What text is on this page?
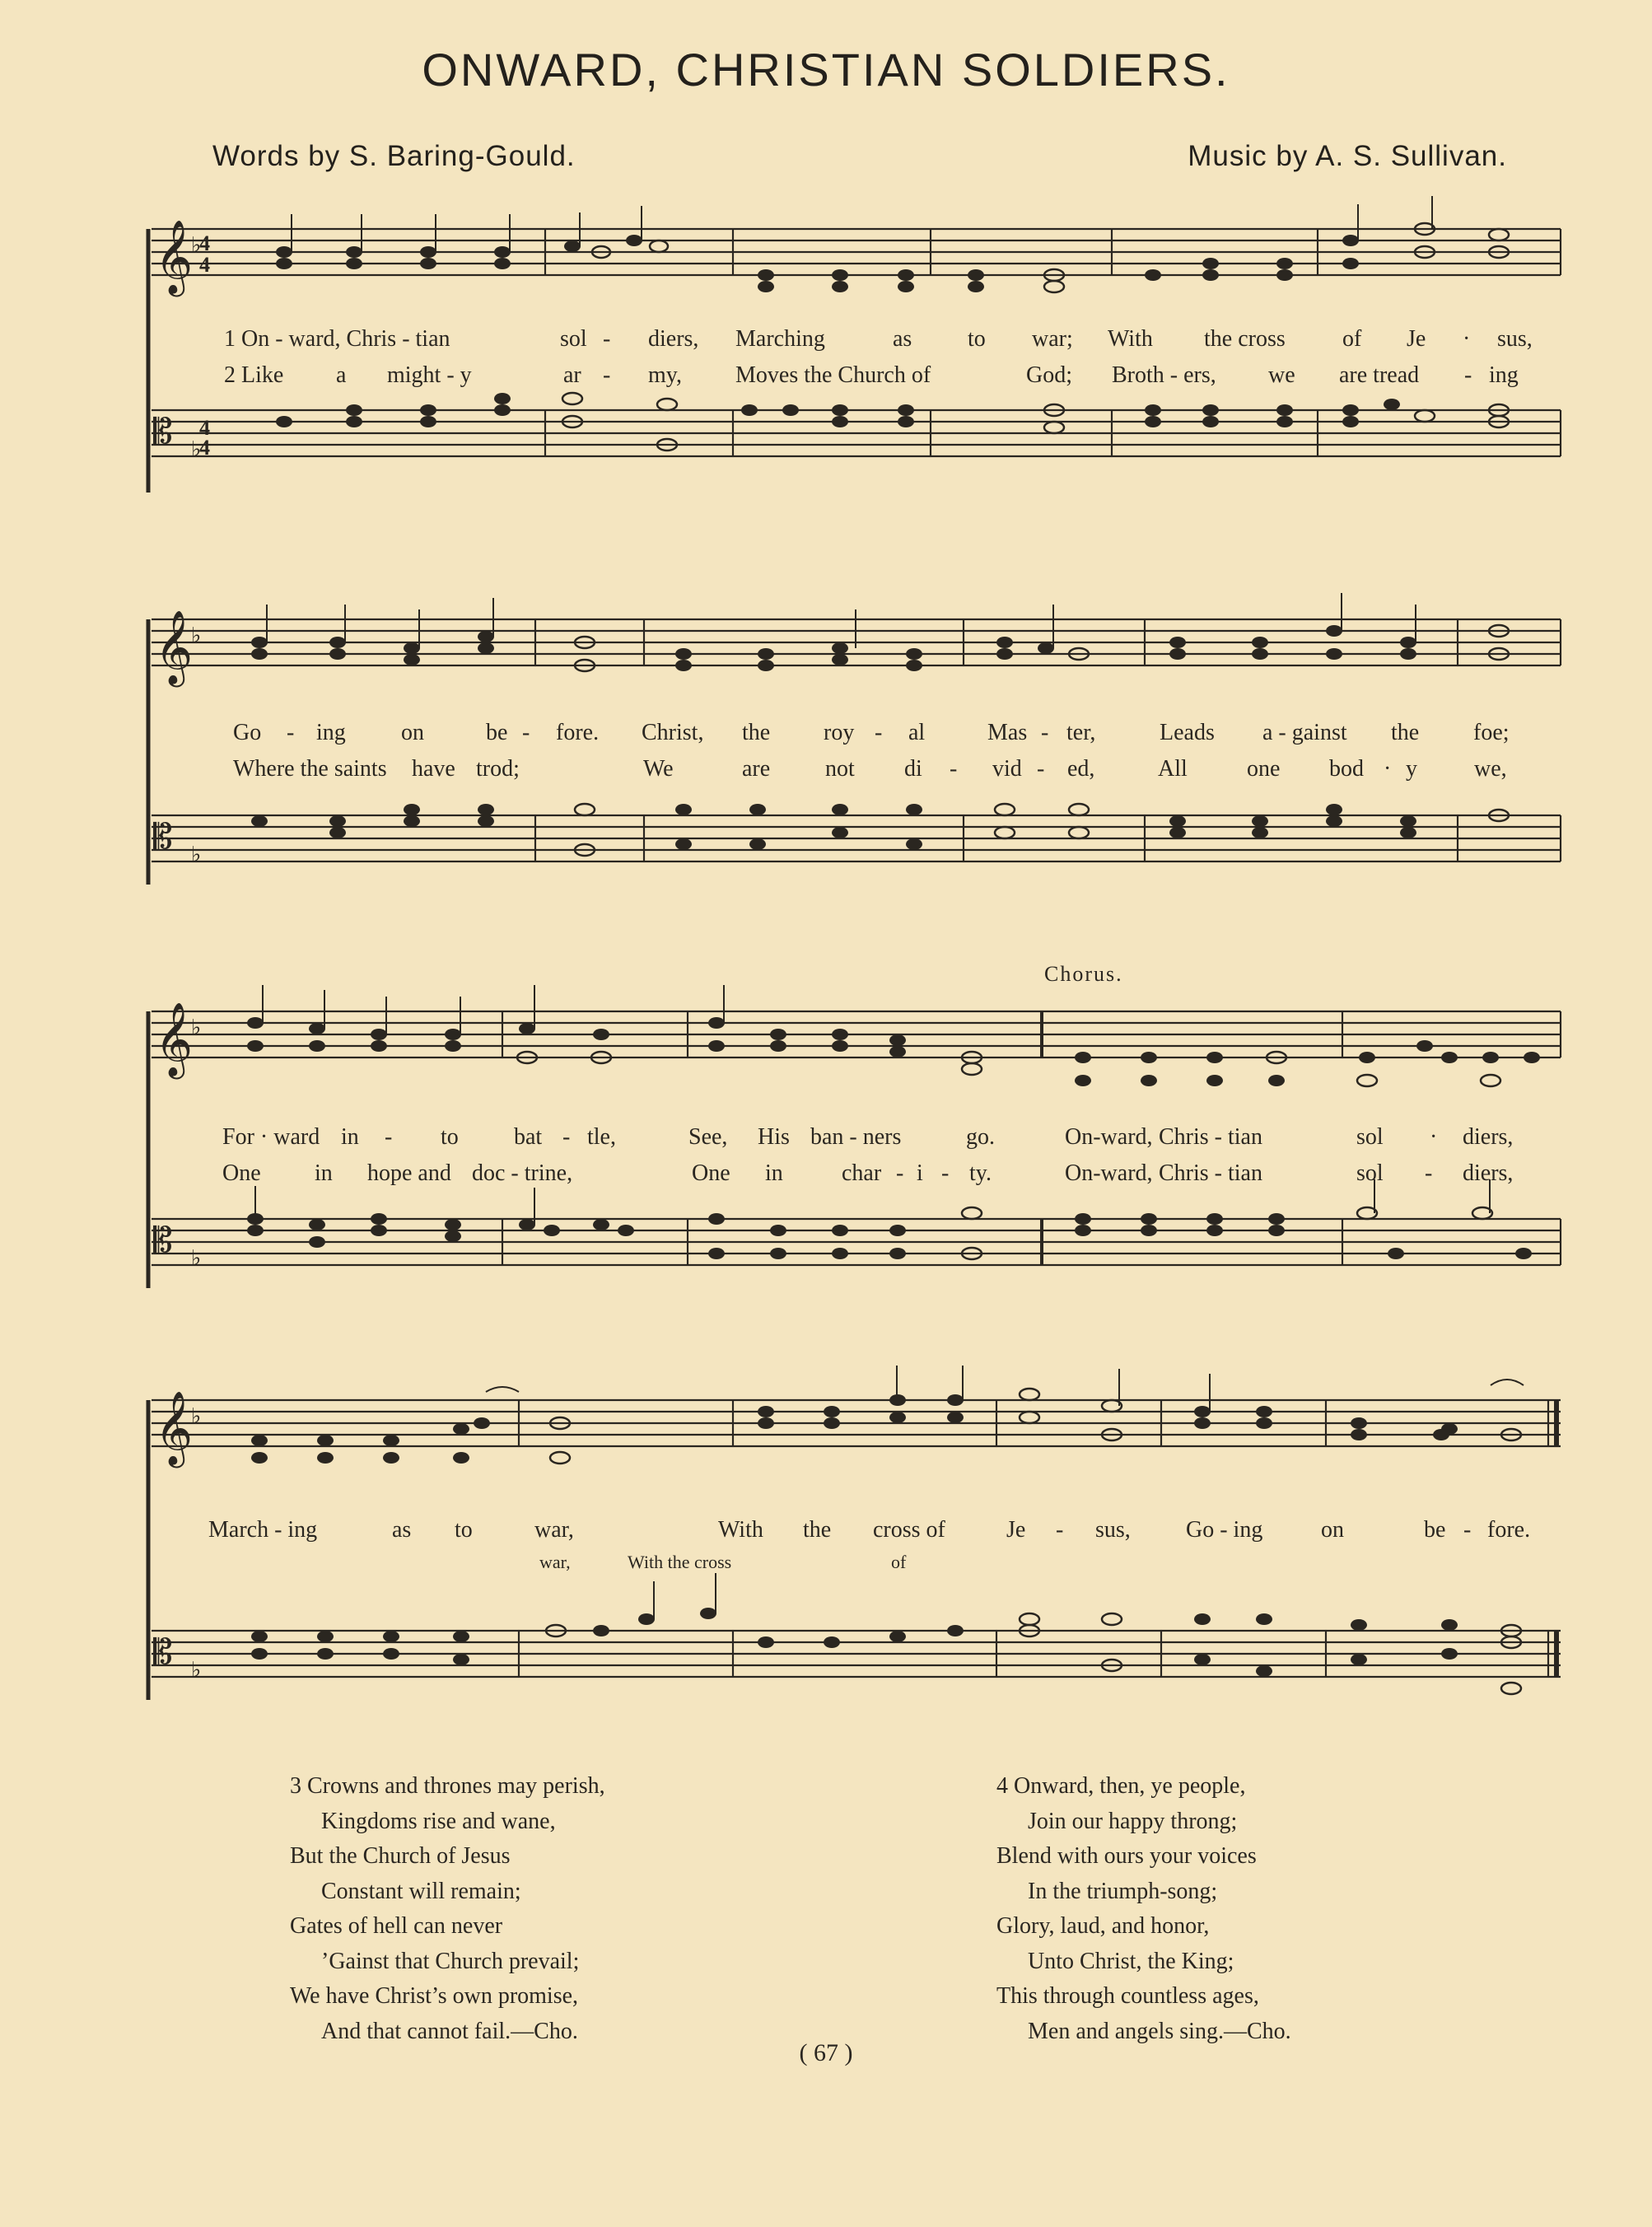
ONWARD, CHRISTIAN SOLDIERS.
Words by S. Baring-Gould.	Music by A. S. Sullivan.
𝄞
𝄡
♭
4
4
♭
4
4
1 On - ward, Chris - tian	sol - diers, Marching	as to war; With the cross of Je · sus,
2 Like a might - y	ar - my, Moves the Church of	God; Broth - ers, we are tread - ing
𝄞
𝄡
♭
♭
Go - ing on	be - fore. Christ, the roy - al	Mas - ter,	Leads a - gainst the foe;
Where the saints have trod;	We	are not di - vid - ed,	All	one bod · y we,
Chorus.
𝄞
𝄡
♭
♭
For · ward in - to bat - tle,	See, His ban - ners	go.	On-ward, Chris - tian	sol · diers,
One in hope and doc - trine,	One in	char - i - ty.	On-ward, Chris - tian	sol - diers,
𝄞
𝄡
♭
♭
March - ing	as to	war,	With the cross of	Je - sus, Go - ing	on	be - fore.
war,	With the cross	of
3 Crowns and thrones may perish,
Kingdoms rise and wane,
But the Church of Jesus
Constant will remain;
Gates of hell can never
’Gainst that Church prevail;
We have Christ’s own promise,
And that cannot fail.—Cho.
4 Onward, then, ye people,
Join our happy throng;
Blend with ours your voices
In the triumph-song;
Glory, laud, and honor,
Unto Christ, the King;
This through countless ages,
Men and angels sing.—Cho.
( 67 )
